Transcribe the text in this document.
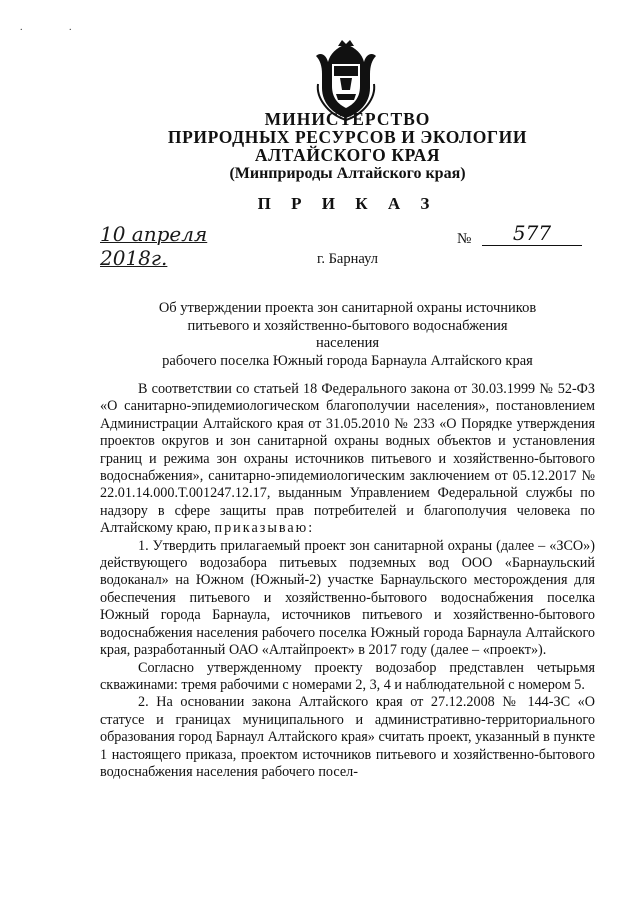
. .
МИНИСТЕРСТВО
ПРИРОДНЫХ РЕСУРСОВ И ЭКОЛОГИИ
АЛТАЙСКОГО КРАЯ
(Минприроды Алтайского края)
П Р И К А З
10 апреля 2018г.
№	577
г. Барнаул
Об утверждении проекта зон санитарной охраны источников
питьевого и хозяйственно-бытового водоснабжения населения
рабочего поселка Южный города Барнаула Алтайского края

В соответствии со статьей 18 Федерального закона от 30.03.1999 № 52-ФЗ «О санитарно-эпидемиологическом благополучии населения», постановлением Администрации Алтайского края от 31.05.2010 № 233 «О Порядке утверждения проектов округов и зон санитарной охраны водных объектов и установления границ и режима зон охраны источников питьевого и хозяйственно-бытового водоснабжения», санитарно-эпидемиологическим заключением от 05.12.2017 № 22.01.14.000.Т.001247.12.17, выданным Управлением Федеральной службы по надзору в сфере защиты прав потребителей и благополучия человека по Алтайскому краю, приказываю:

1. Утвердить прилагаемый проект зон санитарной охраны (далее – «ЗСО») действующего водозабора питьевых подземных вод ООО «Барнаульский водоканал» на Южном (Южный-2) участке Барнаульского месторождения для обеспечения питьевого и хозяйственно-бытового водоснабжения поселка Южный города Барнаула, источников питьевого и хозяйственно-бытового водоснабжения населения рабочего поселка Южный города Барнаула Алтайского края, разработанный ОАО «Алтайпроект» в 2017 году (далее – «проект»).

Согласно утвержденному проекту водозабор представлен четырьмя скважинами: тремя рабочими с номерами 2, 3, 4 и наблюдательной с номером 5.

2. На основании закона Алтайского края от 27.12.2008 № 144-ЗС «О статусе и границах муниципального и административно-территориального образования город Барнаул Алтайского края» считать проект, указанный в пункте 1 настоящего приказа, проектом источников питьевого и хозяйственно-бытового водоснабжения населения рабочего посел-
